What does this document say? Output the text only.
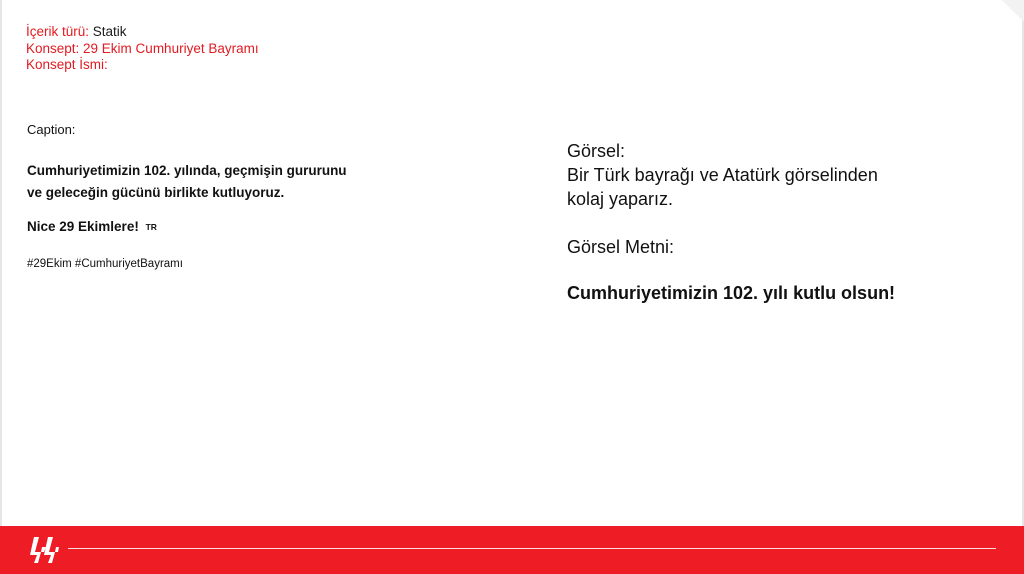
İçerik türü: Statik
Konsept: 29 Ekim Cumhuriyet Bayramı
Konsept İsmi:
Caption:
Cumhuriyetimizin 102. yılında, geçmişin gururunu ve geleceğin gücünü birlikte kutluyoruz.
Nice 29 Ekimlere! TR
#29Ekim #CumhuriyetBayramı
Görsel:
Bir Türk bayrağı ve Atatürk görselinden kolaj yaparız.
Görsel Metni:
Cumhuriyetimizin 102. yılı kutlu olsun!
